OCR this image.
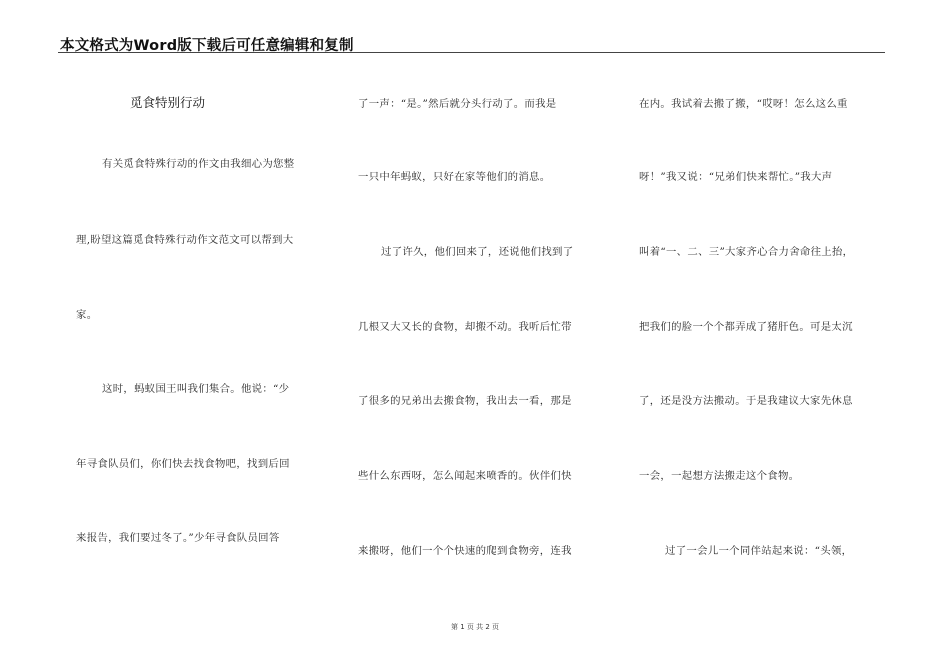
本文格式为Word版下载后可任意编辑和复制
觅食特别行动
有关觅食特殊行动的作文由我细心为您整
理,盼望这篇觅食特殊行动作文范文可以帮到大
家。
这时，蚂蚁国王叫我们集合。他说：“少
年寻食队员们，你们快去找食物吧，找到后回
来报告，我们要过冬了。”少年寻食队员回答
了一声：“是。”然后就分头行动了。而我是
一只中年蚂蚁，只好在家等他们的消息。
过了许久，他们回来了，还说他们找到了
几根又大又长的食物，却搬不动。我听后忙带
了很多的兄弟出去搬食物，我出去一看，那是
些什么东西呀，怎么闻起来喷香的。伙伴们快
来搬呀，他们一个个快速的爬到食物旁，连我
在内。我试着去搬了搬，“哎呀！怎么这么重
呀！”我又说：“兄弟们快来帮忙。”我大声
叫着“一、二、三”大家齐心合力舍命往上抬，
把我们的脸一个个都弄成了猪肝色。可是太沉
了，还是没方法搬动。于是我建议大家先休息
一会，一起想方法搬走这个食物。
过了一会儿一个同伴站起来说：“头领，
第 1 页 共 2 页
